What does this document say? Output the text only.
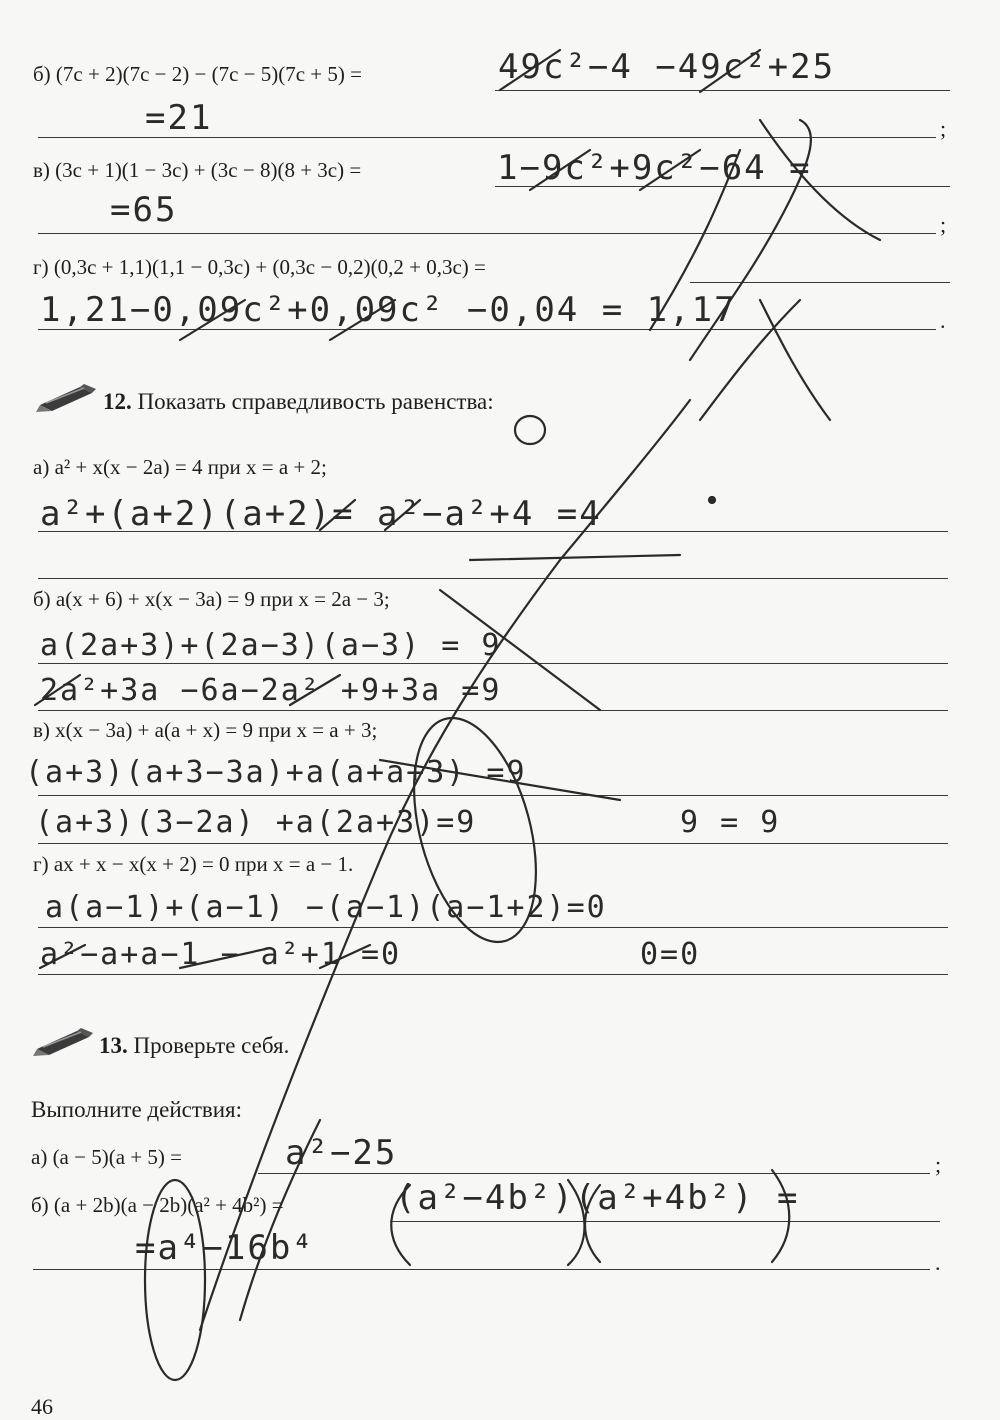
б) (7c + 2)(7c − 2) − (7c − 5)(7c + 5) =	49c²−4 −49c²+25
=21	;
в) (3c + 1)(1 − 3c) + (3c − 8)(8 + 3c) =	1−9c²+9c²−64 =
=65	;
г) (0,3c + 1,1)(1,1 − 0,3c) + (0,3c − 0,2)(0,2 + 0,3c) =
1,21−0,09c²+0,09c² −0,04 = 1,17	.
12. Показать справедливость равенства:
а) a² + x(x − 2a) = 4 при x = a + 2;
a²+(a+2)(a+2)= a²−a²+4 =4
б) a(x + 6) + x(x − 3a) = 9 при x = 2a − 3;
a(2a+3)+(2a−3)(a−3) = 9
2a²+3a −6a−2a² +9+3a =9
в) x(x − 3a) + a(a + x) = 9 при x = a + 3;
(a+3)(a+3−3a)+a(a+a+3) =9
(a+3)(3−2a) +a(2a+3)=9	9 = 9
г) ax + x − x(x + 2) = 0 при x = a − 1.
a(a−1)+(a−1) −(a−1)(a−1+2)=0
a²−a+a−1 − a²+1 =0	0=0
13. Проверьте себя.
Выполните действия:
а) (a − 5)(a + 5) =	a²−25	;
б) (a + 2b)(a − 2b)(a² + 4b²) =	(a²−4b²)(a²+4b²) =
=a⁴−16b⁴	.
46
